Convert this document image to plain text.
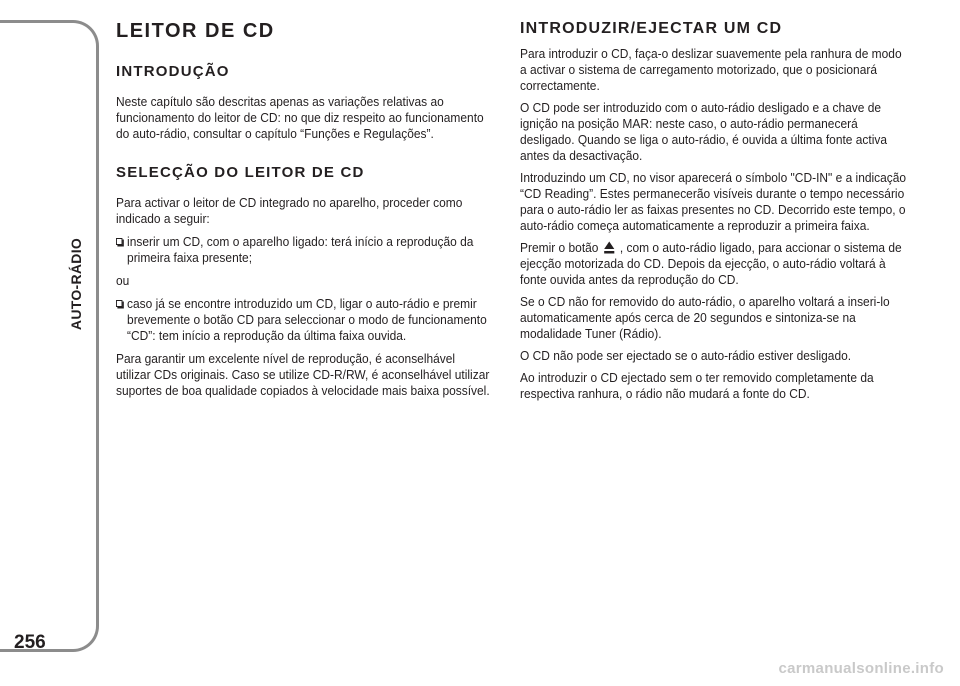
AUTO-RÁDIO
256
LEITOR DE CD
INTRODUÇÃO

Neste capítulo são descritas apenas as variações relativas ao funcionamento do leitor de CD: no que diz respeito ao funcionamento do auto-rádio, consultar o capítulo “Funções e Regulações”.

SELECÇÃO DO LEITOR DE CD

Para activar o leitor de CD integrado no aparelho, proceder como indicado a seguir:

inserir um CD, com o aparelho ligado: terá início a reprodução da primeira faixa presente;

ou

caso já se encontre introduzido um CD, ligar o auto-rádio e premir brevemente o botão CD para seleccionar o modo de funcionamento “CD”: tem início a reprodução da última faixa ouvida.

Para garantir um excelente nível de reprodução, é aconselhável utilizar CDs originais. Caso se utilize CD-R/RW, é aconselhável utilizar suportes de boa qualidade copiados à velocidade mais baixa possível.

INTRODUZIR/EJECTAR UM CD

Para introduzir o CD, faça-o deslizar suavemente pela ranhura de modo a activar o sistema de carregamento motorizado, que o posicionará correctamente.

O CD pode ser introduzido com o auto-rádio desligado e a chave de ignição na posição MAR: neste caso, o auto-rádio permanecerá desligado. Quando se liga o auto-rádio, é ouvida a última fonte activa antes da desactivação.

Introduzindo um CD, no visor aparecerá o símbolo "CD-IN" e a indicação “CD Reading”. Estes permanecerão visíveis durante o tempo necessário para o auto-rádio ler as faixas presentes no CD. Decorrido este tempo, o auto-rádio começa automaticamente a reproduzir a primeira faixa.

Premir o botão , com o auto-rádio ligado, para accionar o sistema de ejecção motorizada do CD. Depois da ejecção, o auto-rádio voltará à fonte ouvida antes da reprodução do CD.

Se o CD não for removido do auto-rádio, o aparelho voltará a inseri-lo automaticamente após cerca de 20 segundos e sintoniza-se na modalidade Tuner (Rádio).

O CD não pode ser ejectado se o auto-rádio estiver desligado.

Ao introduzir o CD ejectado sem o ter removido completamente da respectiva ranhura, o rádio não mudará a fonte do CD.

carmanualsonline.info
